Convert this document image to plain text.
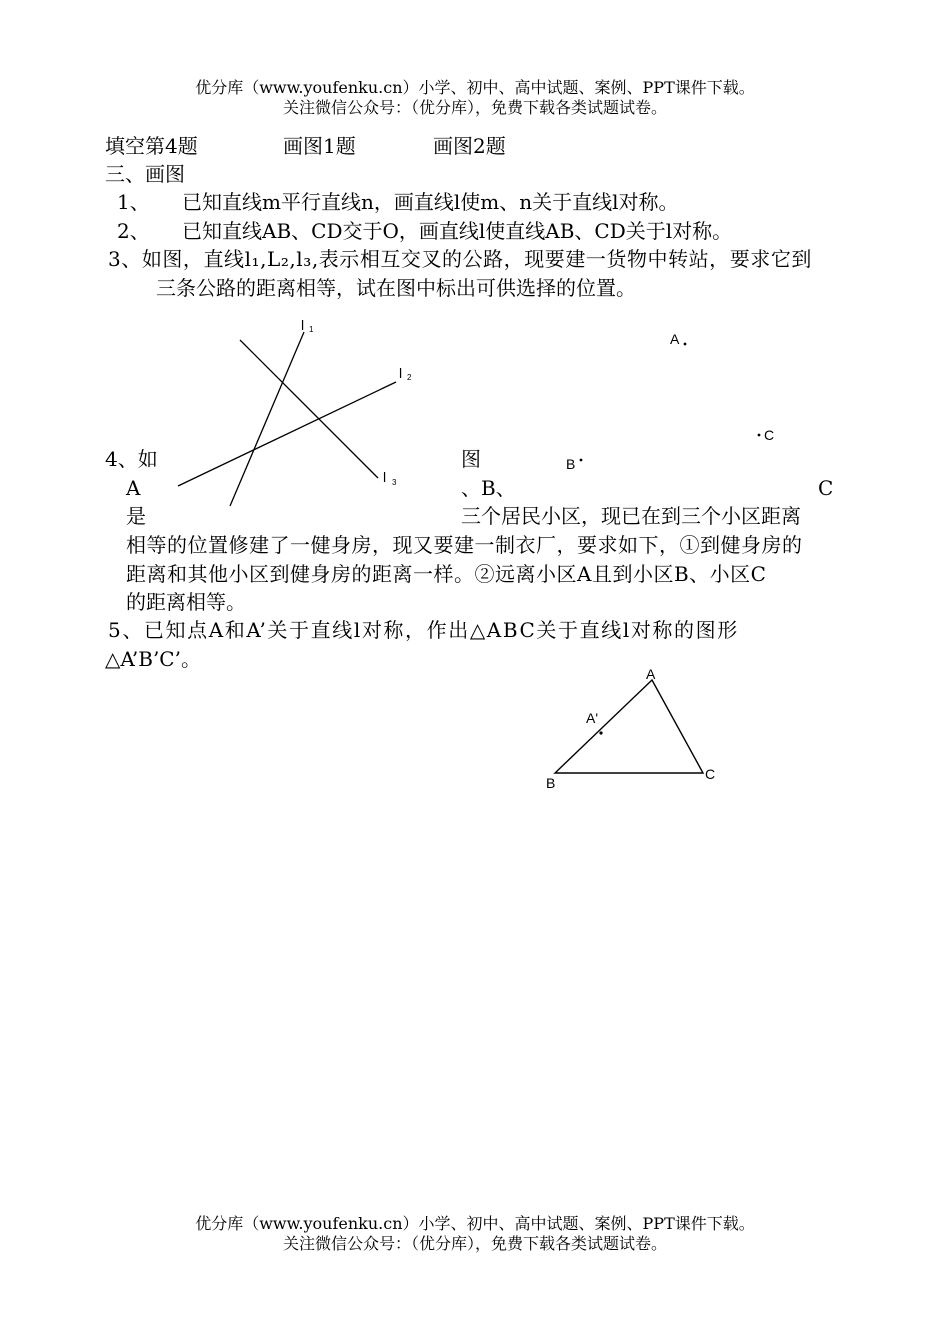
优分库（www.youfenku.cn）小学、初中、高中试题、案例、PPT课件下载。
关注微信公众号：（优分库），免费下载各类试题试卷。
填空第4题	画图1题	画图2题
三、画图
1、 已知直线m平行直线n，画直线l使m、n关于直线l对称。
2、 已知直线AB、CD交于O，画直线l使直线AB、CD关于l对称。
3、如图，直线l₁,L₂,l₃,表示相互交叉的公路，现要建一货物中转站，要求它到
三条公路的距离相等，试在图中标出可供选择的位置。
l 1
l 2
l 3
A
C
B
4、如	图
A	、B、	C
是	三个居民小区，现已在到三个小区距离
相等的位置修建了一健身房，现又要建一制衣厂，要求如下，①到健身房的
距离和其他小区到健身房的距离一样。②远离小区A且到小区B、小区C
的距离相等。
5、已知点A和A’关于直线l对称，作出△ABC关于直线l对称的图形
△A’B’C’。
A
A'
B
C
优分库（www.youfenku.cn）小学、初中、高中试题、案例、PPT课件下载。
关注微信公众号：（优分库），免费下载各类试题试卷。
